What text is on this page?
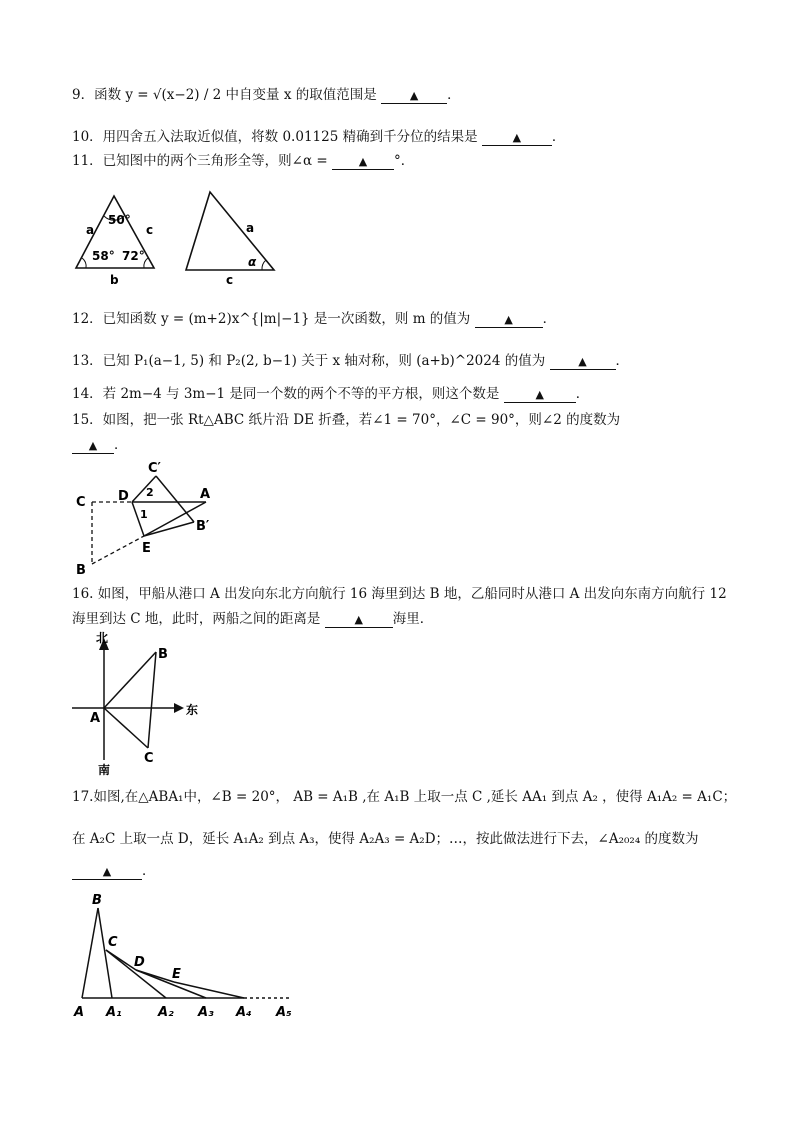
9．函数 y = √(x−2) / 2 中自变量 x 的取值范围是	▲ ．
10．用四舍五入法取近似值，将数 0.01125 精确到千分位的结果是	▲ ．
11．已知图中的两个三角形全等，则∠α =	▲ °．
a	c
b
50°
58° 72°
a
c
α
12．已知函数 y = (m+2)x^{|m|−1} 是一次函数，则 m 的值为	▲ ．
13．已知 P₁(a−1, 5) 和 P₂(2, b−1) 关于 x 轴对称，则 (a+b)^2024 的值为	▲ ．
14．若 2m−4 与 3m−1 是同一个数的两个不等的平方根，则这个数是	▲ ．
15．如图，把一张 Rt△ABC 纸片沿 DE 折叠，若∠1 = 70°，∠C = 90°，则∠2 的度数为
▲ ．
C D	A
C′
B′
E
B
1
2
16. 如图，甲船从港口 A 出发向东北方向航行 16 海里到达 B 地，乙船同时从港口 A 出发向东南方向航行 12
海里到达 C 地，此时，两船之间的距离是	▲ 海里．
北
东
南
A
B
C
17.如图,在△ABA₁中，∠B = 20°， AB = A₁B ,在 A₁B 上取一点 C ,延长 AA₁ 到点 A₂ ，使得 A₁A₂ = A₁C；
在 A₂C 上取一点 D，延长 A₁A₂ 到点 A₃，使得 A₂A₃ = A₂D；…，按此做法进行下去，∠A₂₀₂₄ 的度数为
▲ ．
B
C
D
E
A A₁	A₂ A₃ A₄ A₅
